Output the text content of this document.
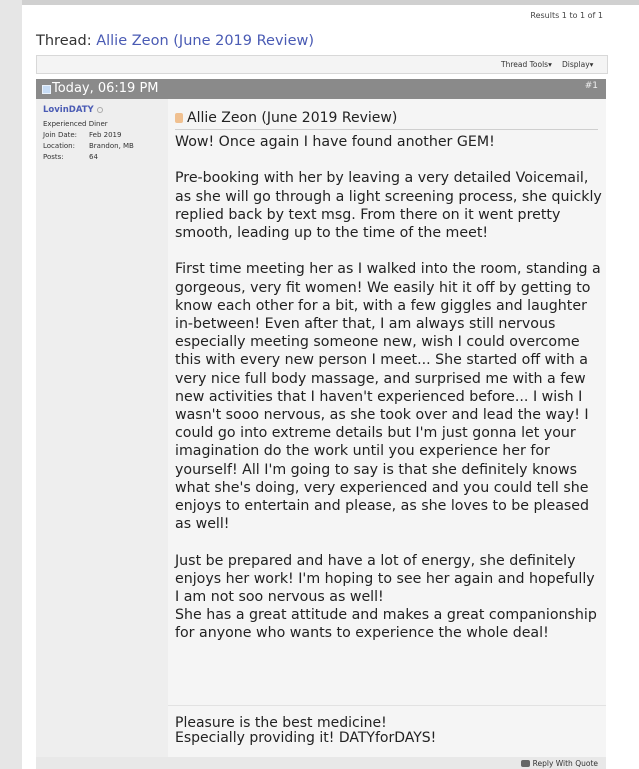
Results 1 to 1 of 1
Thread: Allie Zeon (June 2019 Review)
Thread Tools▾ Display▾
Today, 06:19 PM	#1
LovinDATY
Experienced Diner
Join Date: Feb 2019
Location: Brandon, MB
Posts:	64
Allie Zeon (June 2019 Review)

Wow! Once again I have found another GEM!

Pre-booking with her by leaving a very detailed Voicemail, as she will go through a light screening process, she quickly replied back by text msg. From there on it went pretty smooth, leading up to the time of the meet!

First time meeting her as I walked into the room, standing a gorgeous, very fit women! We easily hit it off by getting to know each other for a bit, with a few giggles and laughter in-between! Even after that, I am always still nervous especially meeting someone new, wish I could overcome this with every new person I meet... She started off with a very nice full body massage, and surprised me with a few new activities that I haven't experienced before... I wish I wasn't sooo nervous, as she took over and lead the way! I could go into extreme details but I'm just gonna let your imagination do the work until you experience her for yourself! All I'm going to say is that she definitely knows what she's doing, very experienced and you could tell she enjoys to entertain and please, as she loves to be pleased as well!

Just be prepared and have a lot of energy, she definitely enjoys her work! I'm hoping to see her again and hopefully I am not soo nervous as well!
She has a great attitude and makes a great companionship for anyone who wants to experience the whole deal!

Pleasure is the best medicine!
Especially providing it! DATYforDAYS!
Reply With Quote
